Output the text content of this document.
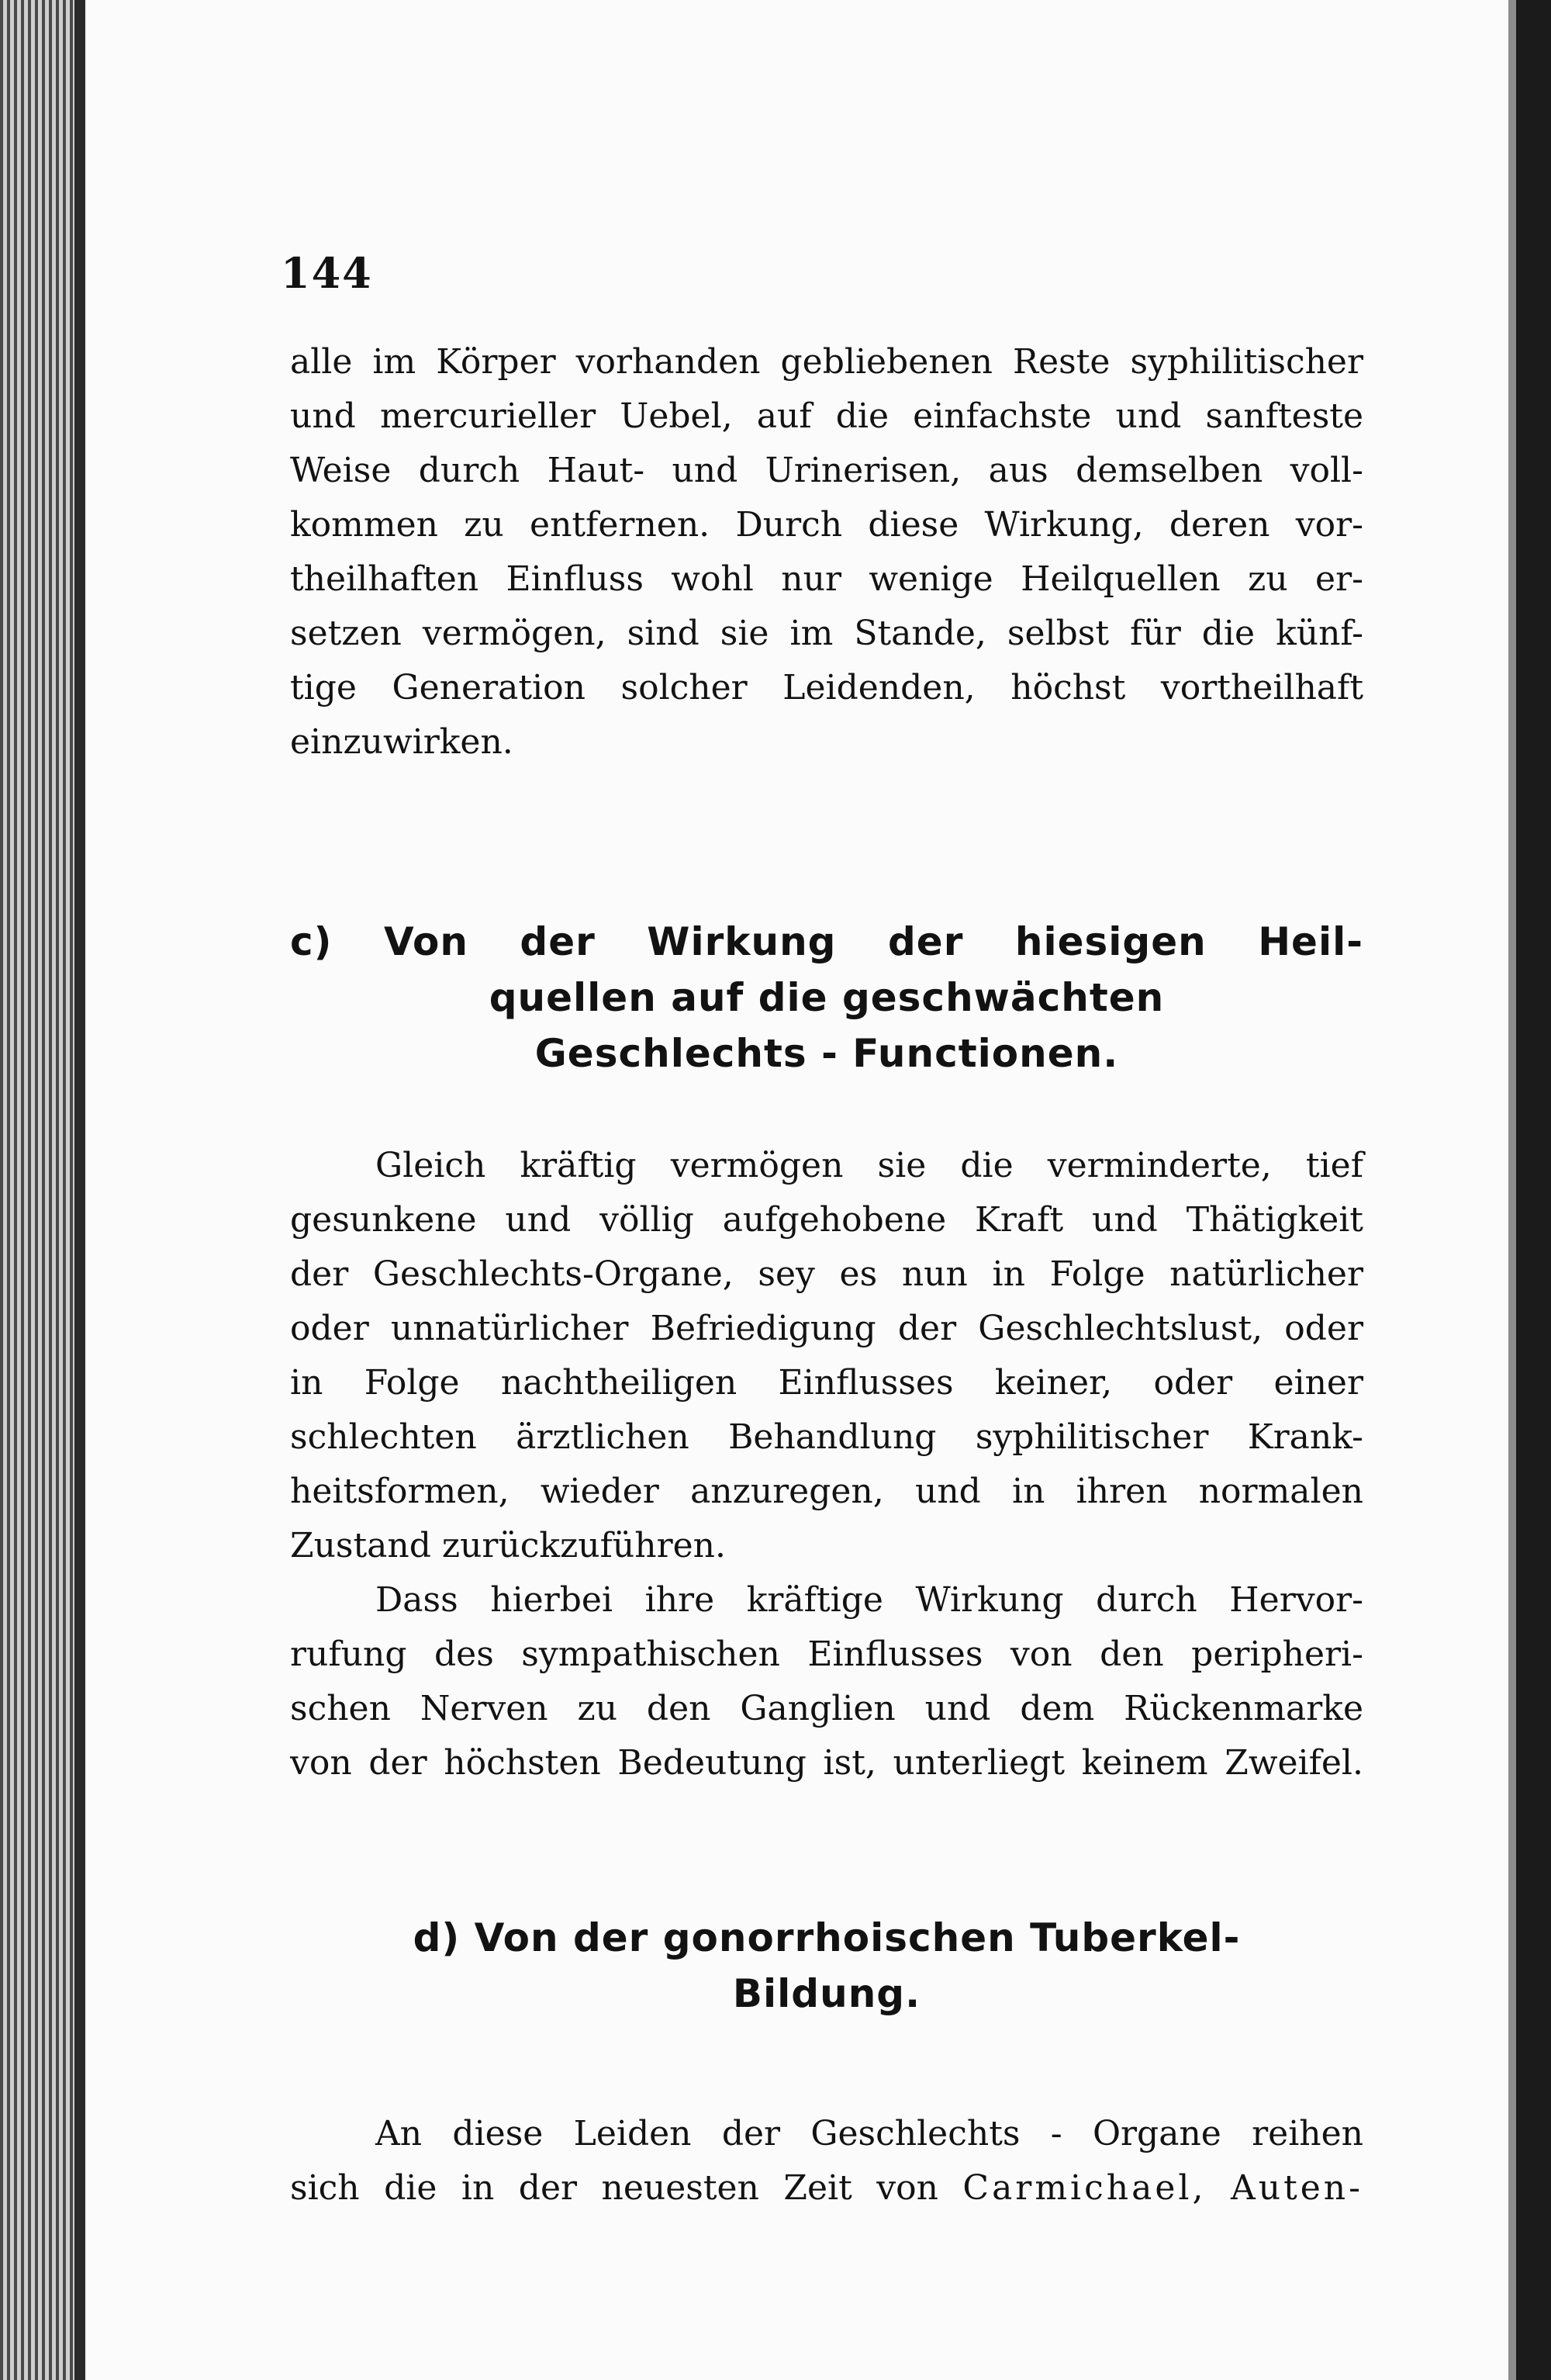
144
alle im Körper vorhanden gebliebenen Reste syphilitischer
und mercurieller Uebel, auf die einfachste und sanfteste
Weise durch Haut- und Urinerisen, aus demselben voll-
kommen zu entfernen. Durch diese Wirkung, deren vor-
theilhaften Einfluss wohl nur wenige Heilquellen zu er-
setzen vermögen, sind sie im Stande, selbst für die künf-
tige Generation solcher Leidenden, höchst vortheilhaft
einzuwirken.
c) Von der Wirkung der hiesigen Heil-
quellen auf die geschwächten
Geschlechts - Functionen.
Gleich kräftig vermögen sie die verminderte, tief
gesunkene und völlig aufgehobene Kraft und Thätigkeit
der Geschlechts-Organe, sey es nun in Folge natürlicher
oder unnatürlicher Befriedigung der Geschlechtslust, oder
in Folge nachtheiligen Einflusses keiner, oder einer
schlechten ärztlichen Behandlung syphilitischer Krank-
heitsformen, wieder anzuregen, und in ihren normalen
Zustand zurückzuführen.
Dass hierbei ihre kräftige Wirkung durch Hervor-
rufung des sympathischen Einflusses von den peripheri-
schen Nerven zu den Ganglien und dem Rückenmarke
von der höchsten Bedeutung ist, unterliegt keinem Zweifel.
d) Von der gonorrhoischen Tuberkel-
Bildung.
An diese Leiden der Geschlechts - Organe reihen
sich die in der neuesten Zeit von Carmichael, Auten-
